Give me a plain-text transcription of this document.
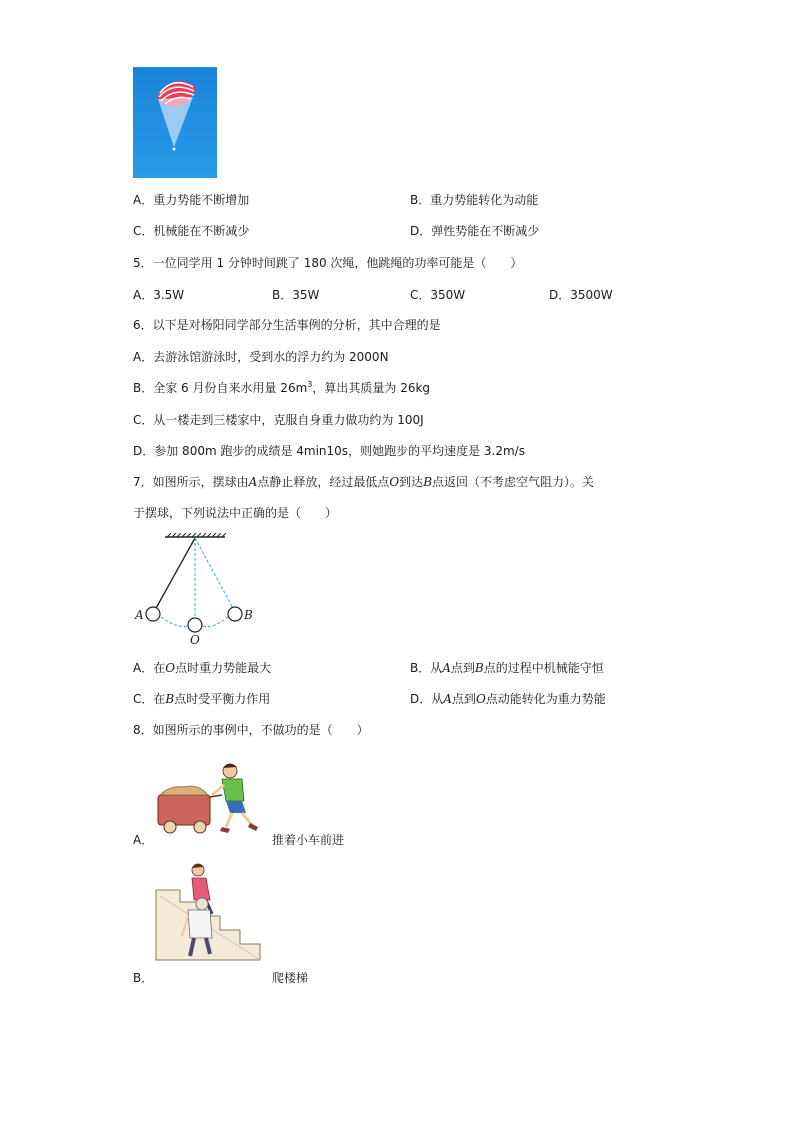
A．重力势能不断增加	B．重力势能转化为动能
C．机械能在不断减少	D．弹性势能在不断减少
5．一位同学用 1 分钟时间跳了 180 次绳，他跳绳的功率可能是（　　）
A．3.5W	B．35W	C．350W	D．3500W
6．以下是对杨阳同学部分生活事例的分析，其中合理的是
A．去游泳馆游泳时，受到水的浮力约为 2000N
B．全家 6 月份自来水用量 $26m^3$，算出其质量为 26kg
C．从一楼走到三楼家中，克服自身重力做功约为 100J
D．参加 800m 跑步的成绩是 4min10s，则她跑步的平均速度是 3.2m/s
7．如图所示，摆球由A点静止释放，经过最低点O到达B点返回（不考虑空气阻力）。关
于摆球，下列说法中正确的是（　　）
A	B
O
A．在O点时重力势能最大	B．从A点到B点的过程中机械能守恒
C．在B点时受平衡力作用	D．从A点到O点动能转化为重力势能
8．如图所示的事例中，不做功的是（　　）
A．	推着小车前进
B．	爬楼梯
